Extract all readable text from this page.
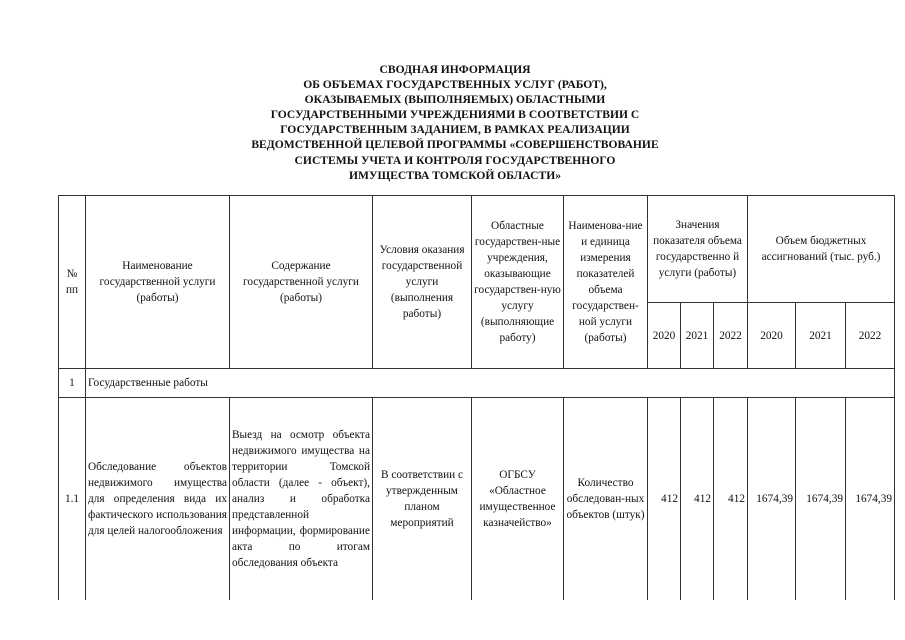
СВОДНАЯ ИНФОРМАЦИЯ
ОБ ОБЪЕМАХ ГОСУДАРСТВЕННЫХ УСЛУГ (РАБОТ),
ОКАЗЫВАЕМЫХ (ВЫПОЛНЯЕМЫХ) ОБЛАСТНЫМИ
ГОСУДАРСТВЕННЫМИ УЧРЕЖДЕНИЯМИ В СООТВЕТСТВИИ С
ГОСУДАРСТВЕННЫМ ЗАДАНИЕМ, В РАМКАХ РЕАЛИЗАЦИИ
ВЕДОМСТВЕННОЙ ЦЕЛЕВОЙ ПРОГРАММЫ «СОВЕРШЕНСТВОВАНИЕ
СИСТЕМЫ УЧЕТА И КОНТРОЛЯ ГОСУДАРСТВЕННОГО
ИМУЩЕСТВА ТОМСКОЙ ОБЛАСТИ»
№ пп	Наименование государственной услуги (работы)	Содержание государственной услуги (работы)	Условия оказания государственной услуги (выполнения работы)	Областные государствен-ные учреждения, оказывающие государствен-ную услугу (выполняющие работу)	Наименова-ние и единица измерения показателей объема государствен-ной услуги (работы)	Значения показателя объема государственно й услуги (работы)			Объем бюджетных ассигнований (тыс. руб.)		
						2020	2021	2022	2020	2021	2022
1	Государственные работы										
1.1	Обследование объектов недвижимого имущества для определения вида их фактического использования для целей налогообложения	Выезд на осмотр объекта недвижимого имущества на территории Томской области (далее - объект), анализ и обработка представленной информации, формирование акта по итогам обследования объекта	В соответствии с утвержденным планом мероприятий	ОГБСУ «Областное имущественное казначейство»	Количество обследован-ных объектов (штук)	412	412	412	1674,39	1674,39	1674,39
